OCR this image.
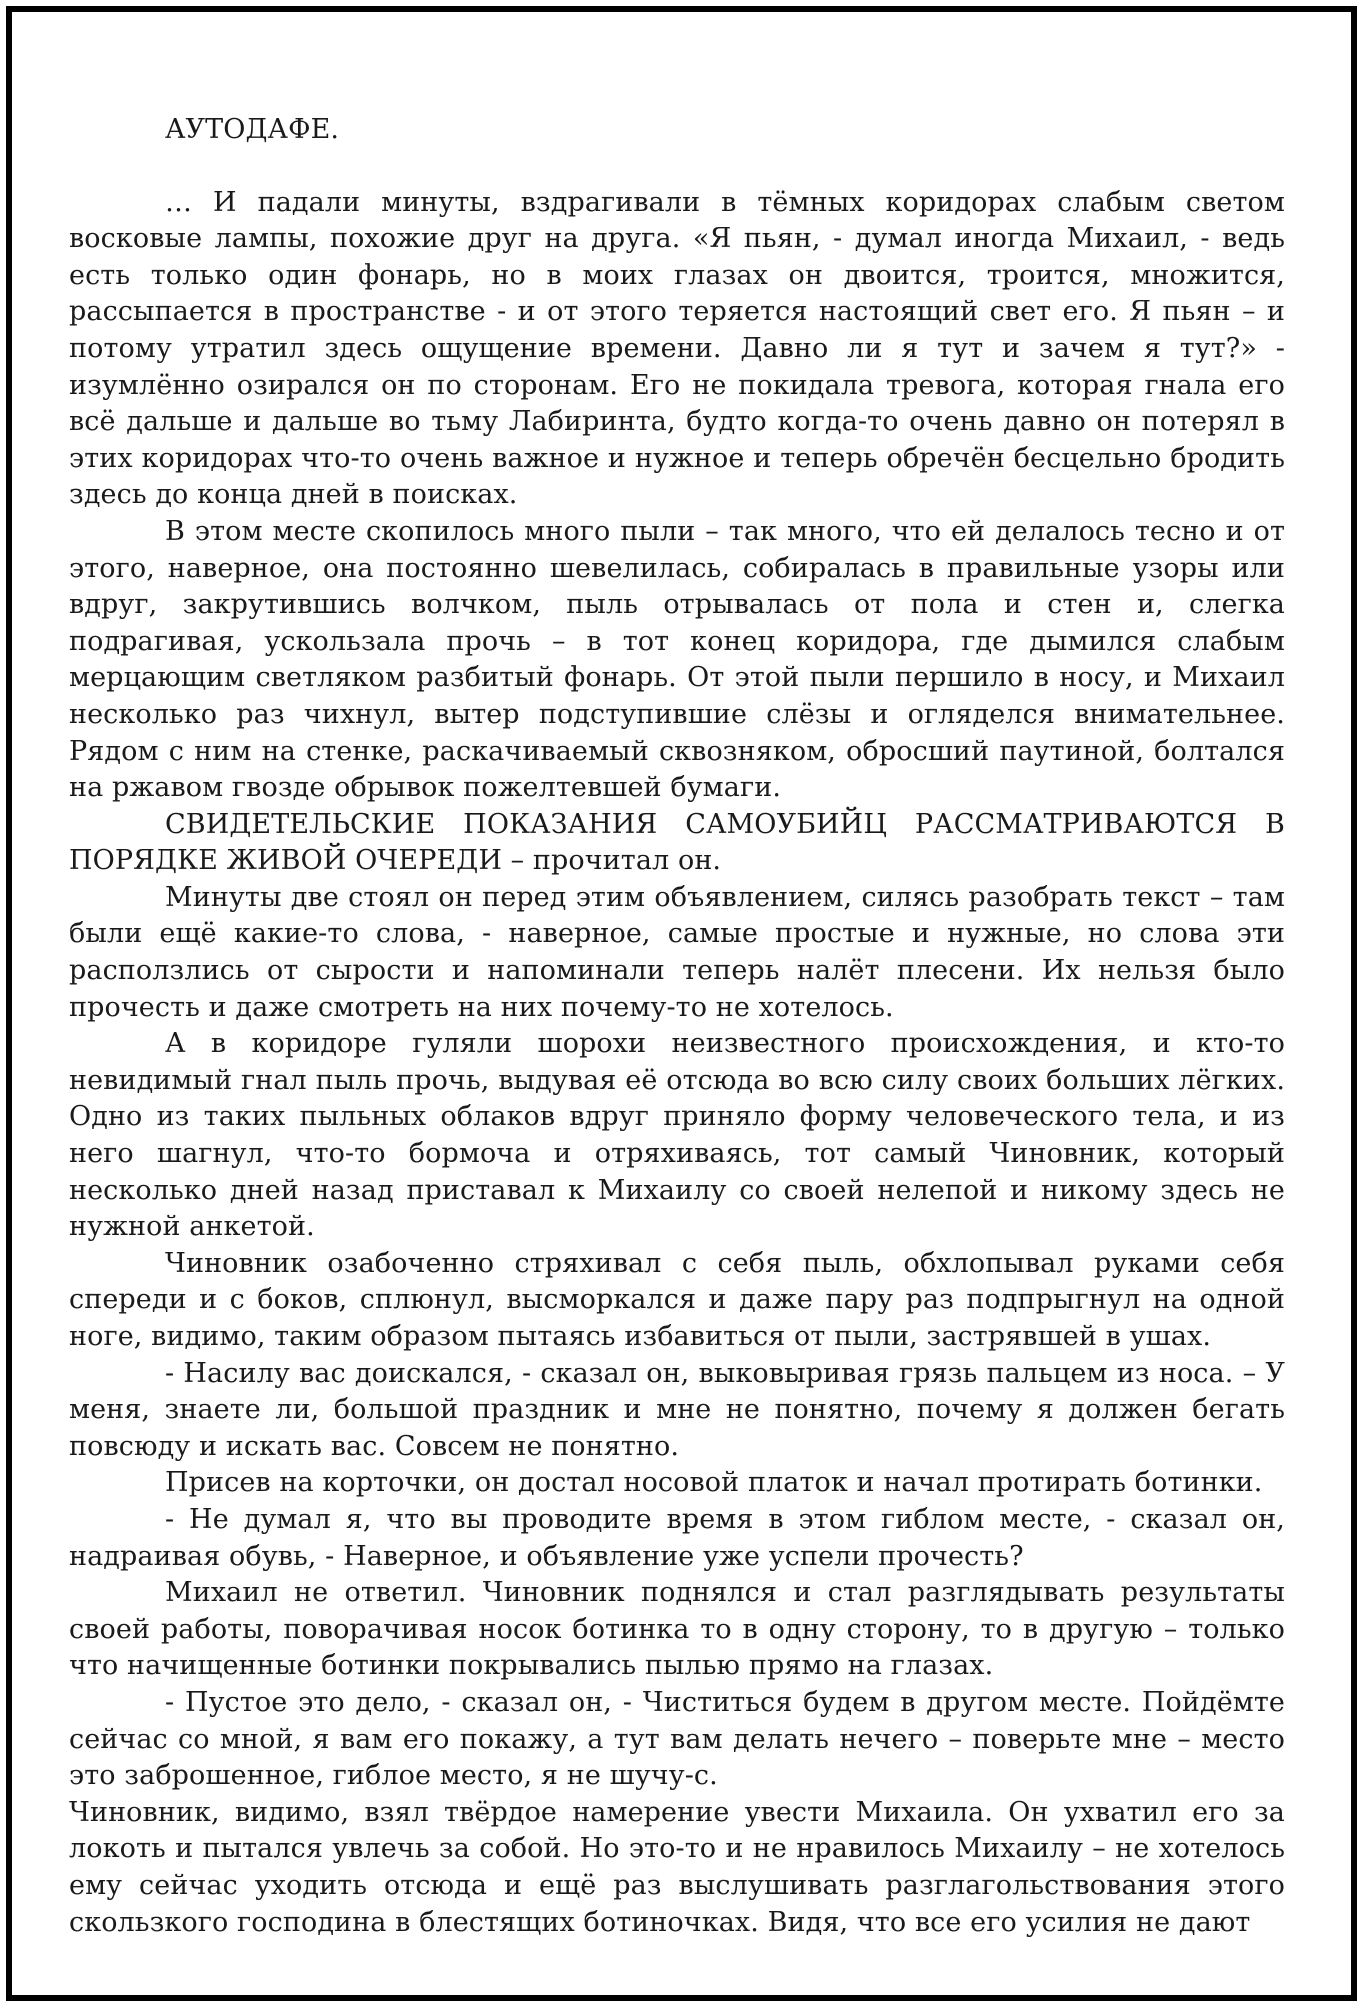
АУТОДАФЕ.

… И падали минуты, вздрагивали в тёмных коридорах слабым светом восковые лампы, похожие друг на друга. «Я пьян, - думал иногда Михаил, - ведь есть только один фонарь, но в моих глазах он двоится, троится, множится, рассыпается в пространстве - и от этого теряется настоящий свет его. Я пьян – и потому утратил здесь ощущение времени. Давно ли я тут и зачем я тут?» - изумлённо озирался он по сторонам. Его не покидала тревога, которая гнала его всё дальше и дальше во тьму Лабиринта, будто когда-то очень давно он потерял в этих коридорах что-то очень важное и нужное и теперь обречён бесцельно бродить здесь до конца дней в поисках.

В этом месте скопилось много пыли – так много, что ей делалось тесно и от этого, наверное, она постоянно шевелилась, собиралась в правильные узоры или вдруг, закрутившись волчком, пыль отрывалась от пола и стен и, слегка подрагивая, ускользала прочь – в тот конец коридора, где дымился слабым мерцающим светляком разбитый фонарь. От этой пыли першило в носу, и Михаил несколько раз чихнул, вытер подступившие слёзы и огляделся внимательнее. Рядом с ним на стенке, раскачиваемый сквозняком, обросший паутиной, болтался на ржавом гвозде обрывок пожелтевшей бумаги.

СВИДЕТЕЛЬСКИЕ ПОКАЗАНИЯ САМОУБИЙЦ РАССМАТРИВАЮТСЯ В ПОРЯДКЕ ЖИВОЙ ОЧЕРЕДИ – прочитал он.

Минуты две стоял он перед этим объявлением, силясь разобрать текст – там были ещё какие-то слова, - наверное, самые простые и нужные, но слова эти расползлись от сырости и напоминали теперь налёт плесени. Их нельзя было прочесть и даже смотреть на них почему-то не хотелось.

А в коридоре гуляли шорохи неизвестного происхождения, и кто-то невидимый гнал пыль прочь, выдувая её отсюда во всю силу своих больших лёгких. Одно из таких пыльных облаков вдруг приняло форму человеческого тела, и из него шагнул, что-то бормоча и отряхиваясь, тот самый Чиновник, который несколько дней назад приставал к Михаилу со своей нелепой и никому здесь не нужной анкетой.

Чиновник озабоченно стряхивал с себя пыль, обхлопывал руками себя спереди и с боков, сплюнул, высморкался и даже пару раз подпрыгнул на одной ноге, видимо, таким образом пытаясь избавиться от пыли, застрявшей в ушах.

- Насилу вас доискался, - сказал он, выковыривая грязь пальцем из носа. – У меня, знаете ли, большой праздник и мне не понятно, почему я должен бегать повсюду и искать вас. Совсем не понятно.

Присев на корточки, он достал носовой платок и начал протирать ботинки.

- Не думал я, что вы проводите время в этом гиблом месте, - сказал он, надраивая обувь, - Наверное, и объявление уже успели прочесть?

Михаил не ответил. Чиновник поднялся и стал разглядывать результаты своей работы, поворачивая носок ботинка то в одну сторону, то в другую – только что начищенные ботинки покрывались пылью прямо на глазах.

- Пустое это дело, - сказал он, - Чиститься будем в другом месте. Пойдёмте сейчас со мной, я вам его покажу, а тут вам делать нечего – поверьте мне – место это заброшенное, гиблое место, я не шучу-с.

Чиновник, видимо, взял твёрдое намерение увести Михаила. Он ухватил его за локоть и пытался увлечь за собой. Но это-то и не нравилось Михаилу – не хотелось ему сейчас уходить отсюда и ещё раз выслушивать разглагольствования этого скользкого господина в блестящих ботиночках. Видя, что все его усилия не дают
